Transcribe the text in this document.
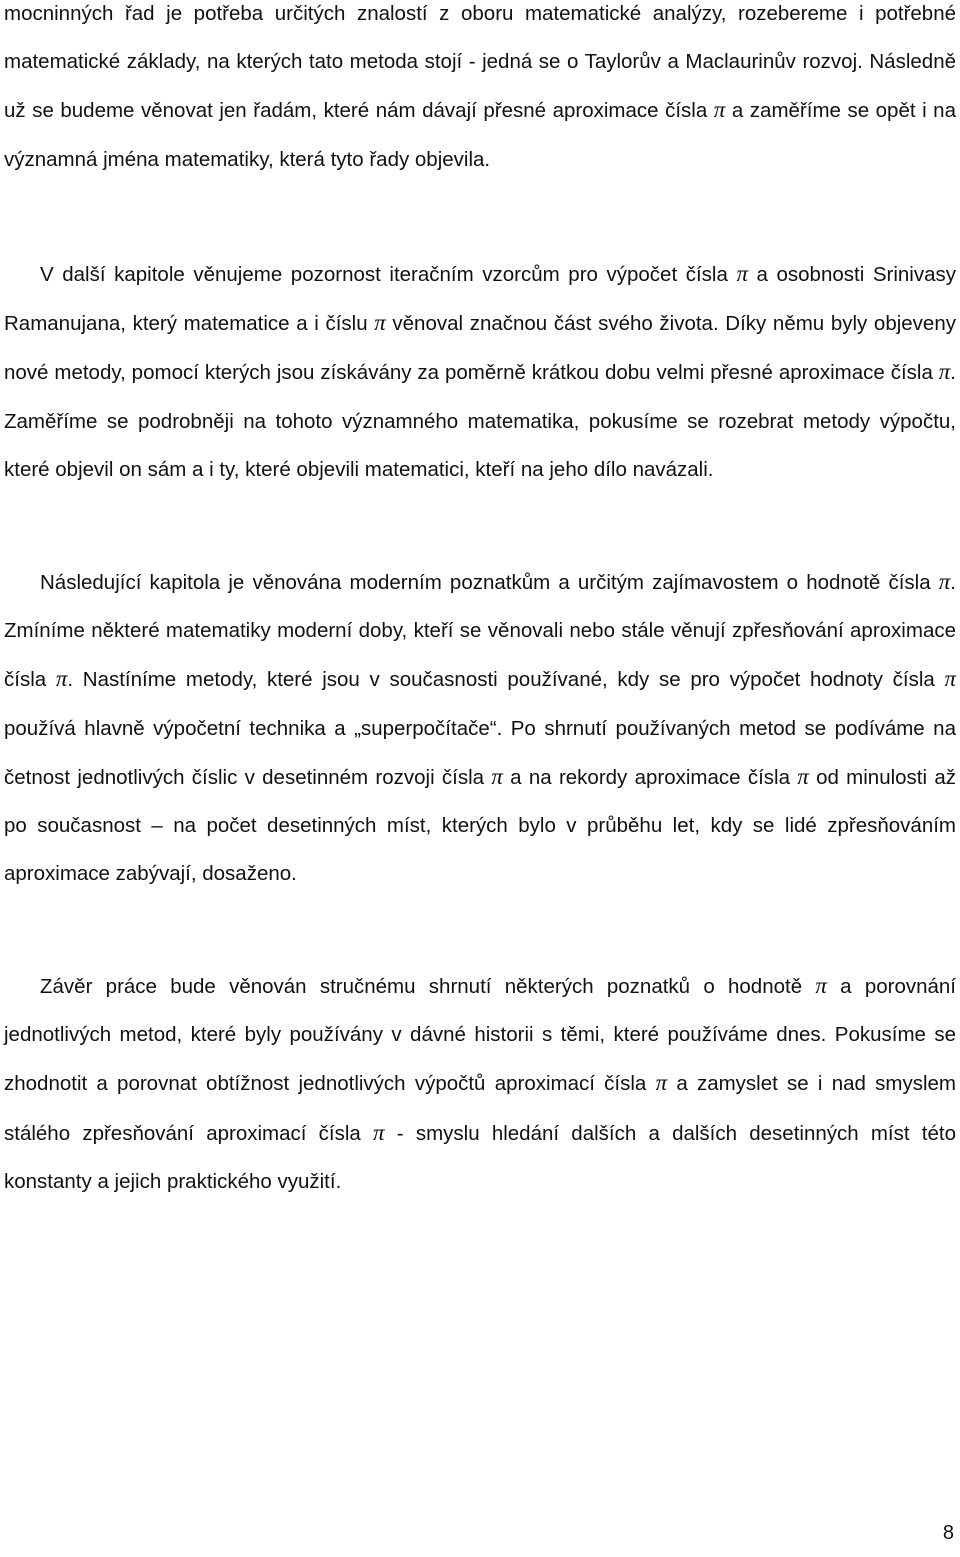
mocninných řad je potřeba určitých znalostí z oboru matematické analýzy, rozebereme i potřebné matematické základy, na kterých tato metoda stojí - jedná se o Taylorův a Maclaurinův rozvoj. Následně už se budeme věnovat jen řadám, které nám dávají přesné aproximace čísla π a zaměříme se opět i na významná jména matematiky, která tyto řady objevila.

V další kapitole věnujeme pozornost iteračním vzorcům pro výpočet čísla π a osobnosti Srinivasy Ramanujana, který matematice a i číslu π věnoval značnou část svého života. Díky němu byly objeveny nové metody, pomocí kterých jsou získávány za poměrně krátkou dobu velmi přesné aproximace čísla π. Zaměříme se podrobněji na tohoto významného matematika, pokusíme se rozebrat metody výpočtu, které objevil on sám a i ty, které objevili matematici, kteří na jeho dílo navázali.

Následující kapitola je věnována moderním poznatkům a určitým zajímavostem o hodnotě čísla π. Zmíníme některé matematiky moderní doby, kteří se věnovali nebo stále věnují zpřesňování aproximace čísla π. Nastíníme metody, které jsou v současnosti používané, kdy se pro výpočet hodnoty čísla π používá hlavně výpočetní technika a „superpočítače“. Po shrnutí používaných metod se podíváme na četnost jednotlivých číslic v desetinném rozvoji čísla π a na rekordy aproximace čísla π od minulosti až po současnost – na počet desetinných míst, kterých bylo v průběhu let, kdy se lidé zpřesňováním aproximace zabývají, dosaženo.

Závěr práce bude věnován stručnému shrnutí některých poznatků o hodnotě π a porovnání jednotlivých metod, které byly používány v dávné historii s těmi, které používáme dnes. Pokusíme se zhodnotit a porovnat obtížnost jednotlivých výpočtů aproximací čísla π a zamyslet se i nad smyslem stálého zpřesňování aproximací čísla π - smyslu hledání dalších a dalších desetinných míst této konstanty a jejich praktického využití.

8
